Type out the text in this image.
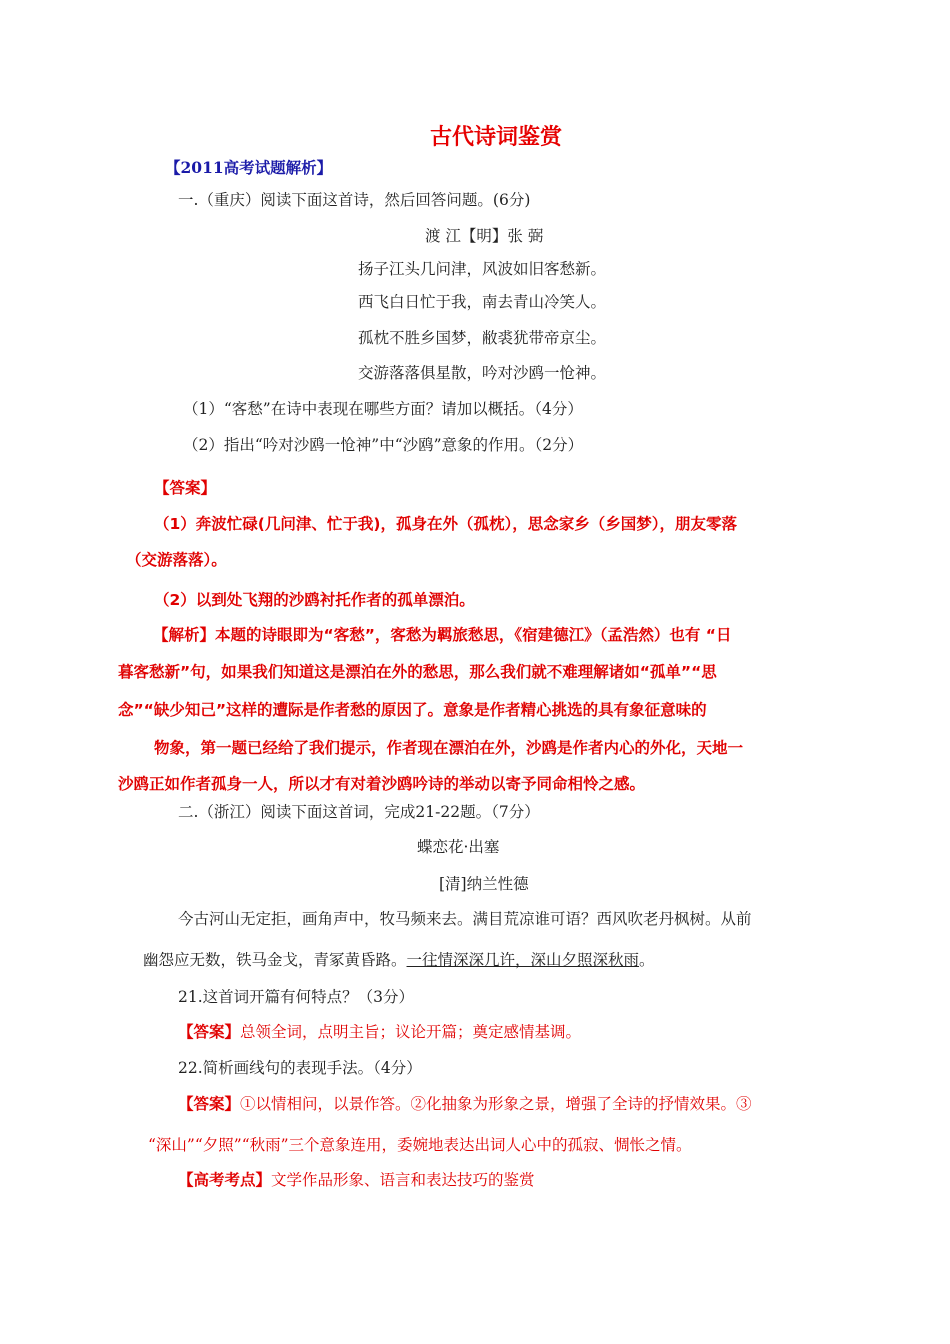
古代诗词鉴赏
【2011高考试题解析】
一.（重庆）阅读下面这首诗，然后回答问题。(6分)
渡 江【明】张 弼
扬子江头几问津，风波如旧客愁新。
西飞白日忙于我，南去青山冷笑人。
孤枕不胜乡国梦，敝裘犹带帝京尘。
交游落落俱星散，吟对沙鸥一怆神。
（1）“客愁”在诗中表现在哪些方面？请加以概括。（4分）
（2）指出“吟对沙鸥一怆神”中“沙鸥”意象的作用。（2分）
【答案】
（1）奔波忙碌(几问津、忙于我)，孤身在外（孤枕），思念家乡（乡国梦），朋友零落
（交游落落）。
（2）以到处飞翔的沙鸥衬托作者的孤单漂泊。
【解析】本题的诗眼即为“客愁”，客愁为羁旅愁思，《宿建德江》（孟浩然）也有 “日
暮客愁新”句，如果我们知道这是漂泊在外的愁思，那么我们就不难理解诸如“孤单”“思
念”“缺少知己”这样的遭际是作者愁的原因了。意象是作者精心挑选的具有象征意味的
物象，第一题已经给了我们提示，作者现在漂泊在外，沙鸥是作者内心的外化，天地一
沙鸥正如作者孤身一人，所以才有对着沙鸥吟诗的举动以寄予同命相怜之感。
二.（浙江）阅读下面这首词，完成21-22题。（7分）
蝶恋花·出塞
[清]纳兰性德
今古河山无定拒，画角声中，牧马频来去。满目荒凉谁可语？西风吹老丹枫树。从前
幽怨应无数，铁马金戈，青冢黄昏路。一往情深深几许，深山夕照深秋雨。
21.这首词开篇有何特点？（3分）
【答案】总领全词，点明主旨；议论开篇；奠定感情基调。
22.简析画线句的表现手法。（4分）
【答案】①以情相问，以景作答。②化抽象为形象之景，增强了全诗的抒情效果。③
“深山”“夕照”“秋雨”三个意象连用，委婉地表达出词人心中的孤寂、惆怅之情。
【高考考点】文学作品形象、语言和表达技巧的鉴赏
